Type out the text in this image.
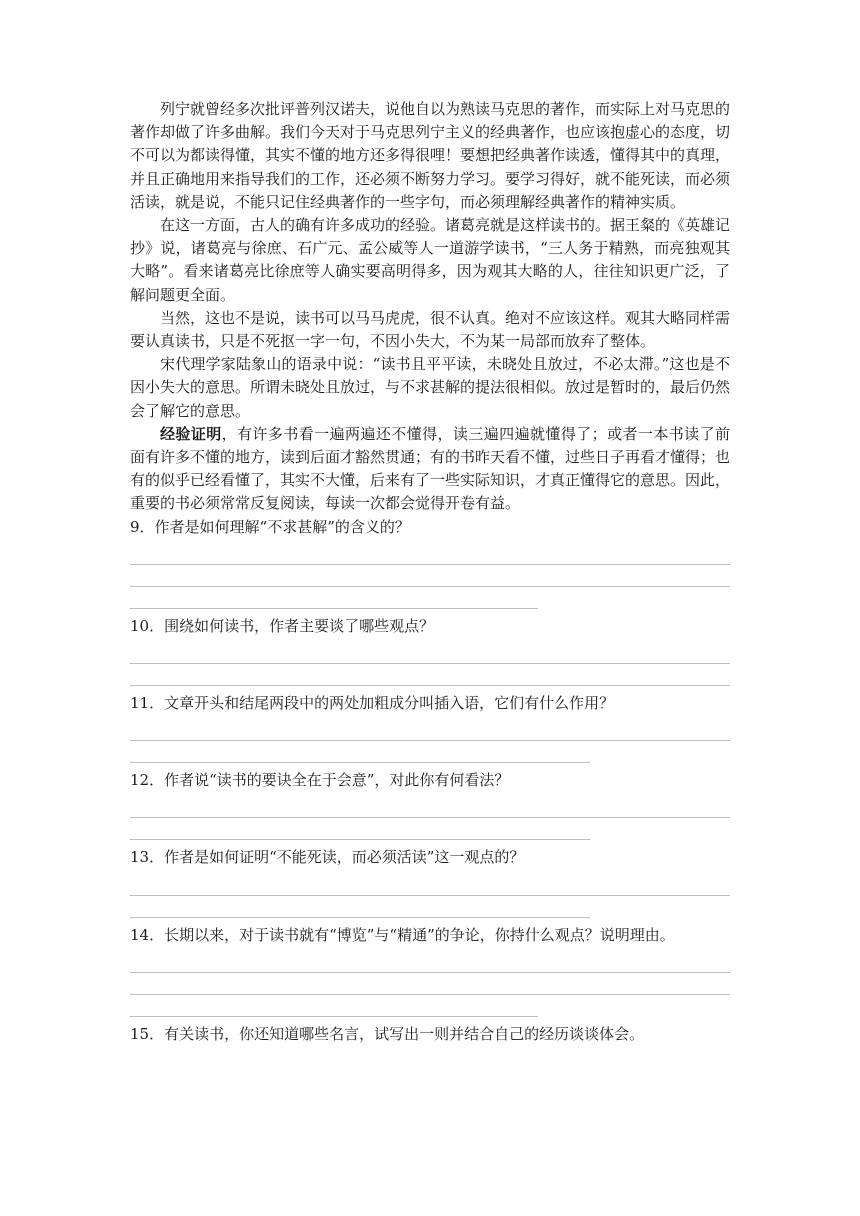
列宁就曾经多次批评普列汉诺夫，说他自以为熟读马克思的著作，而实际上对马克思的著作却做了许多曲解。我们今天对于马克思列宁主义的经典著作，也应该抱虚心的态度，切不可以为都读得懂，其实不懂的地方还多得很哩！要想把经典著作读透，懂得其中的真理，并且正确地用来指导我们的工作，还必须不断努力学习。要学习得好，就不能死读，而必须活读，就是说，不能只记住经典著作的一些字句，而必须理解经典著作的精神实质。

在这一方面，古人的确有许多成功的经验。诸葛亮就是这样读书的。据王粲的《英雄记抄》说，诸葛亮与徐庶、石广元、孟公威等人一道游学读书，“三人务于精熟，而亮独观其大略”。看来诸葛亮比徐庶等人确实要高明得多，因为观其大略的人，往往知识更广泛，了解问题更全面。

当然，这也不是说，读书可以马马虎虎，很不认真。绝对不应该这样。观其大略同样需要认真读书，只是不死抠一字一句，不因小失大，不为某一局部而放弃了整体。

宋代理学家陆象山的语录中说：“读书且平平读，未晓处且放过，不必太滞。”这也是不因小失大的意思。所谓未晓处且放过，与不求甚解的提法很相似。放过是暂时的，最后仍然会了解它的意思。

经验证明，有许多书看一遍两遍还不懂得，读三遍四遍就懂得了；或者一本书读了前面有许多不懂的地方，读到后面才豁然贯通；有的书昨天看不懂，过些日子再看才懂得；也有的似乎已经看懂了，其实不大懂，后来有了一些实际知识，才真正懂得它的意思。因此，重要的书必须常常反复阅读，每读一次都会觉得开卷有益。

9．作者是如何理解“不求甚解”的含义的？

10．围绕如何读书，作者主要谈了哪些观点？

11．文章开头和结尾两段中的两处加粗成分叫插入语，它们有什么作用？

12．作者说“读书的要诀全在于会意”，对此你有何看法？

13．作者是如何证明“不能死读，而必须活读”这一观点的？

14．长期以来，对于读书就有“博览”与“精通”的争论，你持什么观点？说明理由。

15．有关读书，你还知道哪些名言，试写出一则并结合自己的经历谈谈体会。
